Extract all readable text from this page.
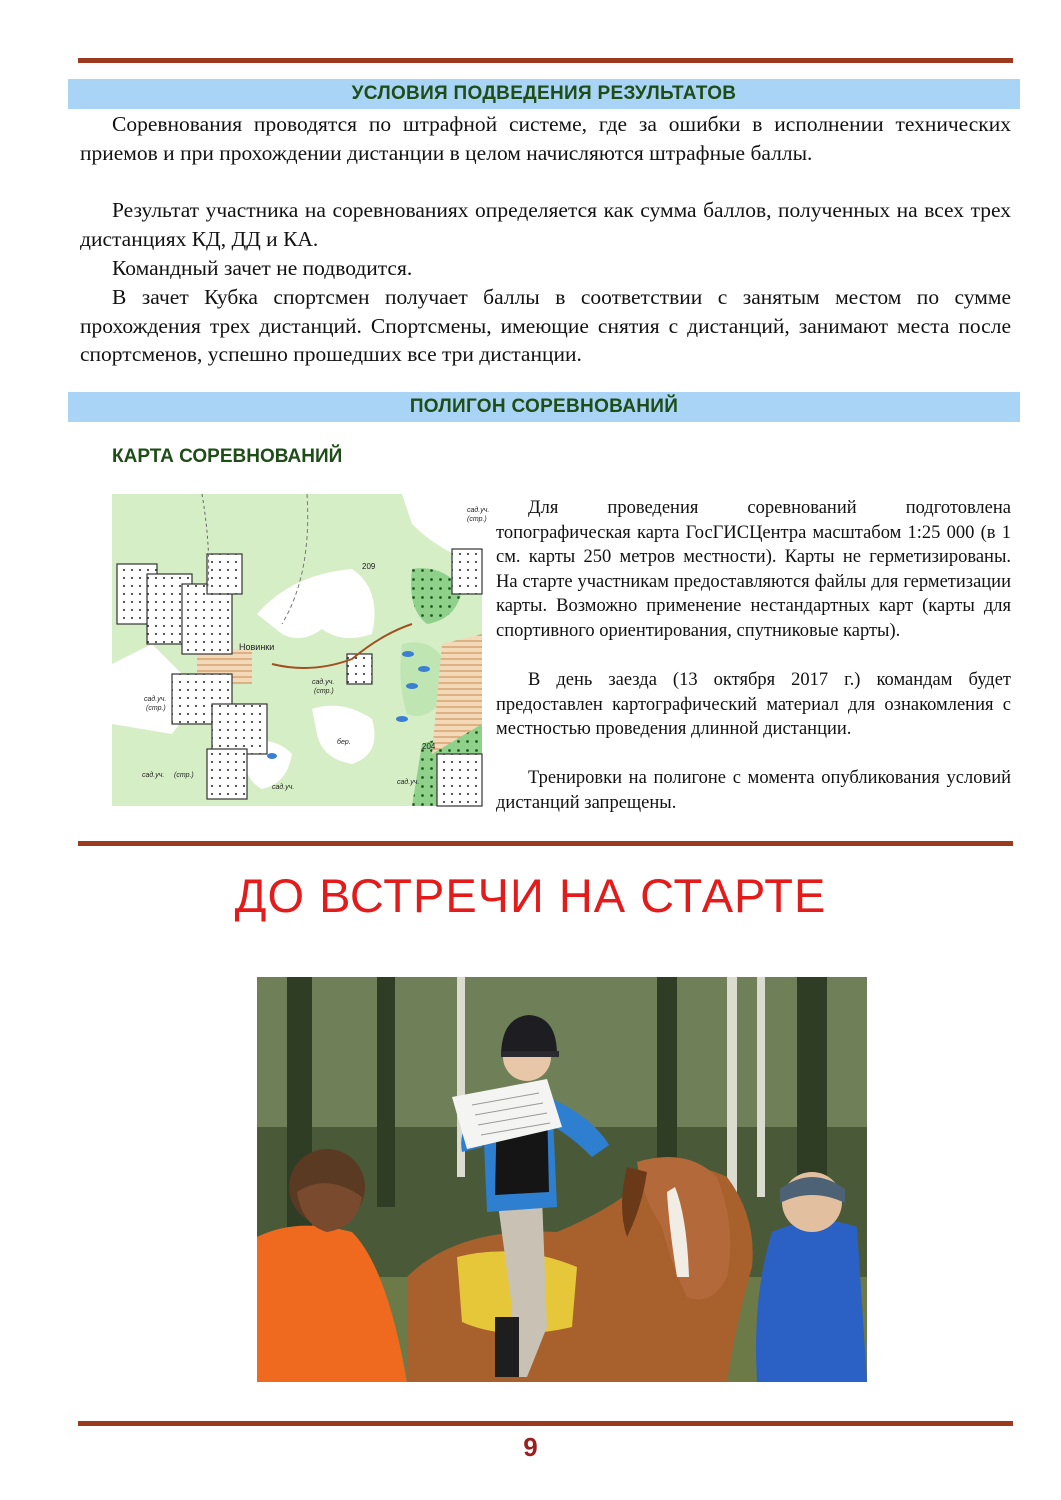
УСЛОВИЯ ПОДВЕДЕНИЯ РЕЗУЛЬТАТОВ

Соревнования проводятся по штрафной системе, где за ошибки в исполнении технических приемов и при прохождении дистанции в целом начисляются штрафные баллы.

Результат участника на соревнованиях определяется как сумма баллов, полученных на всех трех дистанциях КД, ДД и КА.

Командный зачет не подводится.

В зачет Кубка спортсмен получает баллы в соответствии с занятым местом по сумме прохождения трех дистанций. Спортсмены, имеющие снятия с дистанций, занимают места после спортсменов, успешно прошедших все три дистанции.

ПОЛИГОН СОРЕВНОВАНИЙ
КАРТА СОРЕВНОВАНИЙ
Новинки
209
204
бер.
сад.уч.
(стр.)
сад.уч.
(стр.)
сад.уч.
(стр.)
сад.уч.
сад.уч. (стр.)
сад.уч.

Для проведения соревнований подготовлена топографическая карта ГосГИСЦентра масштабом 1:25 000 (в 1 см. карты 250 метров местности). Карты не герметизированы. На старте участникам предоставляются файлы для герметизации карты. Возможно применение нестандартных карт (карты для спортивного ориентирования, спутниковые карты).

В день заезда (13 октября 2017 г.) командам будет предоставлен картографический материал для ознакомления с местностью проведения длинной дистанции.

Тренировки на полигоне с момента опубликования условий дистанций запрещены.

ДО ВСТРЕЧИ НА СТАРТЕ
9
